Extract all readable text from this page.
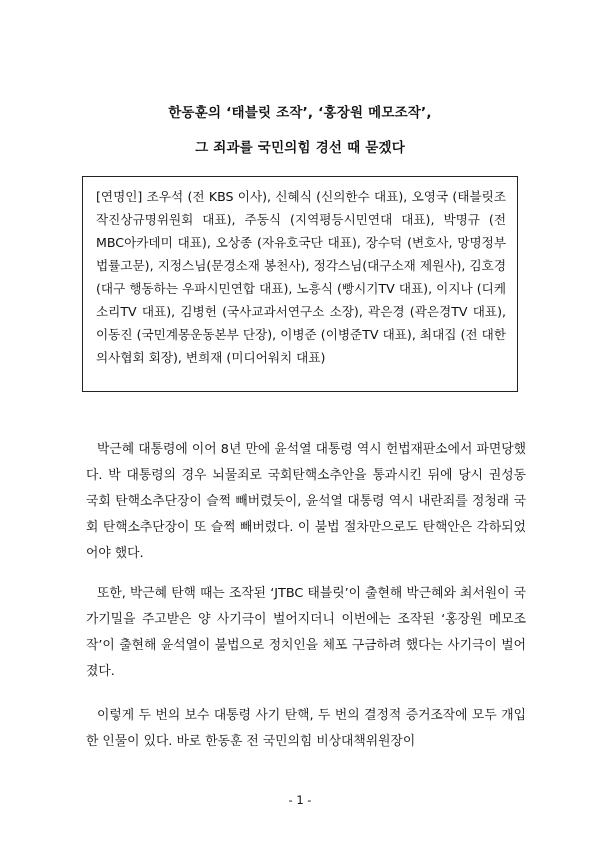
한동훈의 ‘태블릿 조작’, ‘홍장원 메모조작’,
그 죄과를 국민의힘 경선 때 묻겠다
[연명인] 조우석 (전 KBS 이사), 신혜식 (신의한수 대표), 오영국 (태블릿조작진상규명위원회 대표), 주동식 (지역평등시민연대 대표), 박명규 (전 MBC아카데미 대표), 오상종 (자유호국단 대표), 장수덕 (변호사, 망명정부 법률고문), 지정스님(문경소재 봉천사), 정각스님(대구소재 제원사), 김호경 (대구 행동하는 우파시민연합 대표), 노흥식 (빵시기TV 대표), 이지나 (디케소리TV 대표), 김병헌 (국사교과서연구소 소장), 곽은경 (곽은경TV 대표), 이동진 (국민계몽운동본부 단장), 이병준 (이병준TV 대표), 최대집 (전 대한의사협회 회장), 변희재 (미디어워치 대표)
박근혜 대통령에 이어 8년 만에 윤석열 대통령 역시 헌법재판소에서 파면당했다. 박 대통령의 경우 뇌물죄로 국회탄핵소추안을 통과시킨 뒤에 당시 권성동 국회 탄핵소추단장이 슬쩍 빼버렸듯이, 윤석열 대통령 역시 내란죄를 정청래 국회 탄핵소추단장이 또 슬쩍 빼버렸다. 이 불법 절차만으로도 탄핵안은 각하되었어야 했다.
또한, 박근혜 탄핵 때는 조작된 ‘JTBC 태블릿’이 출현해 박근혜와 최서원이 국가기밀을 주고받은 양 사기극이 벌어지더니 이번에는 조작된 ‘홍장원 메모조작’이 출현해 윤석열이 불법으로 정치인을 체포 구금하려 했다는 사기극이 벌어졌다.
이렇게 두 번의 보수 대통령 사기 탄핵, 두 번의 결정적 증거조작에 모두 개입한 인물이 있다. 바로 한동훈 전 국민의힘 비상대책위원장이
- 1 -
